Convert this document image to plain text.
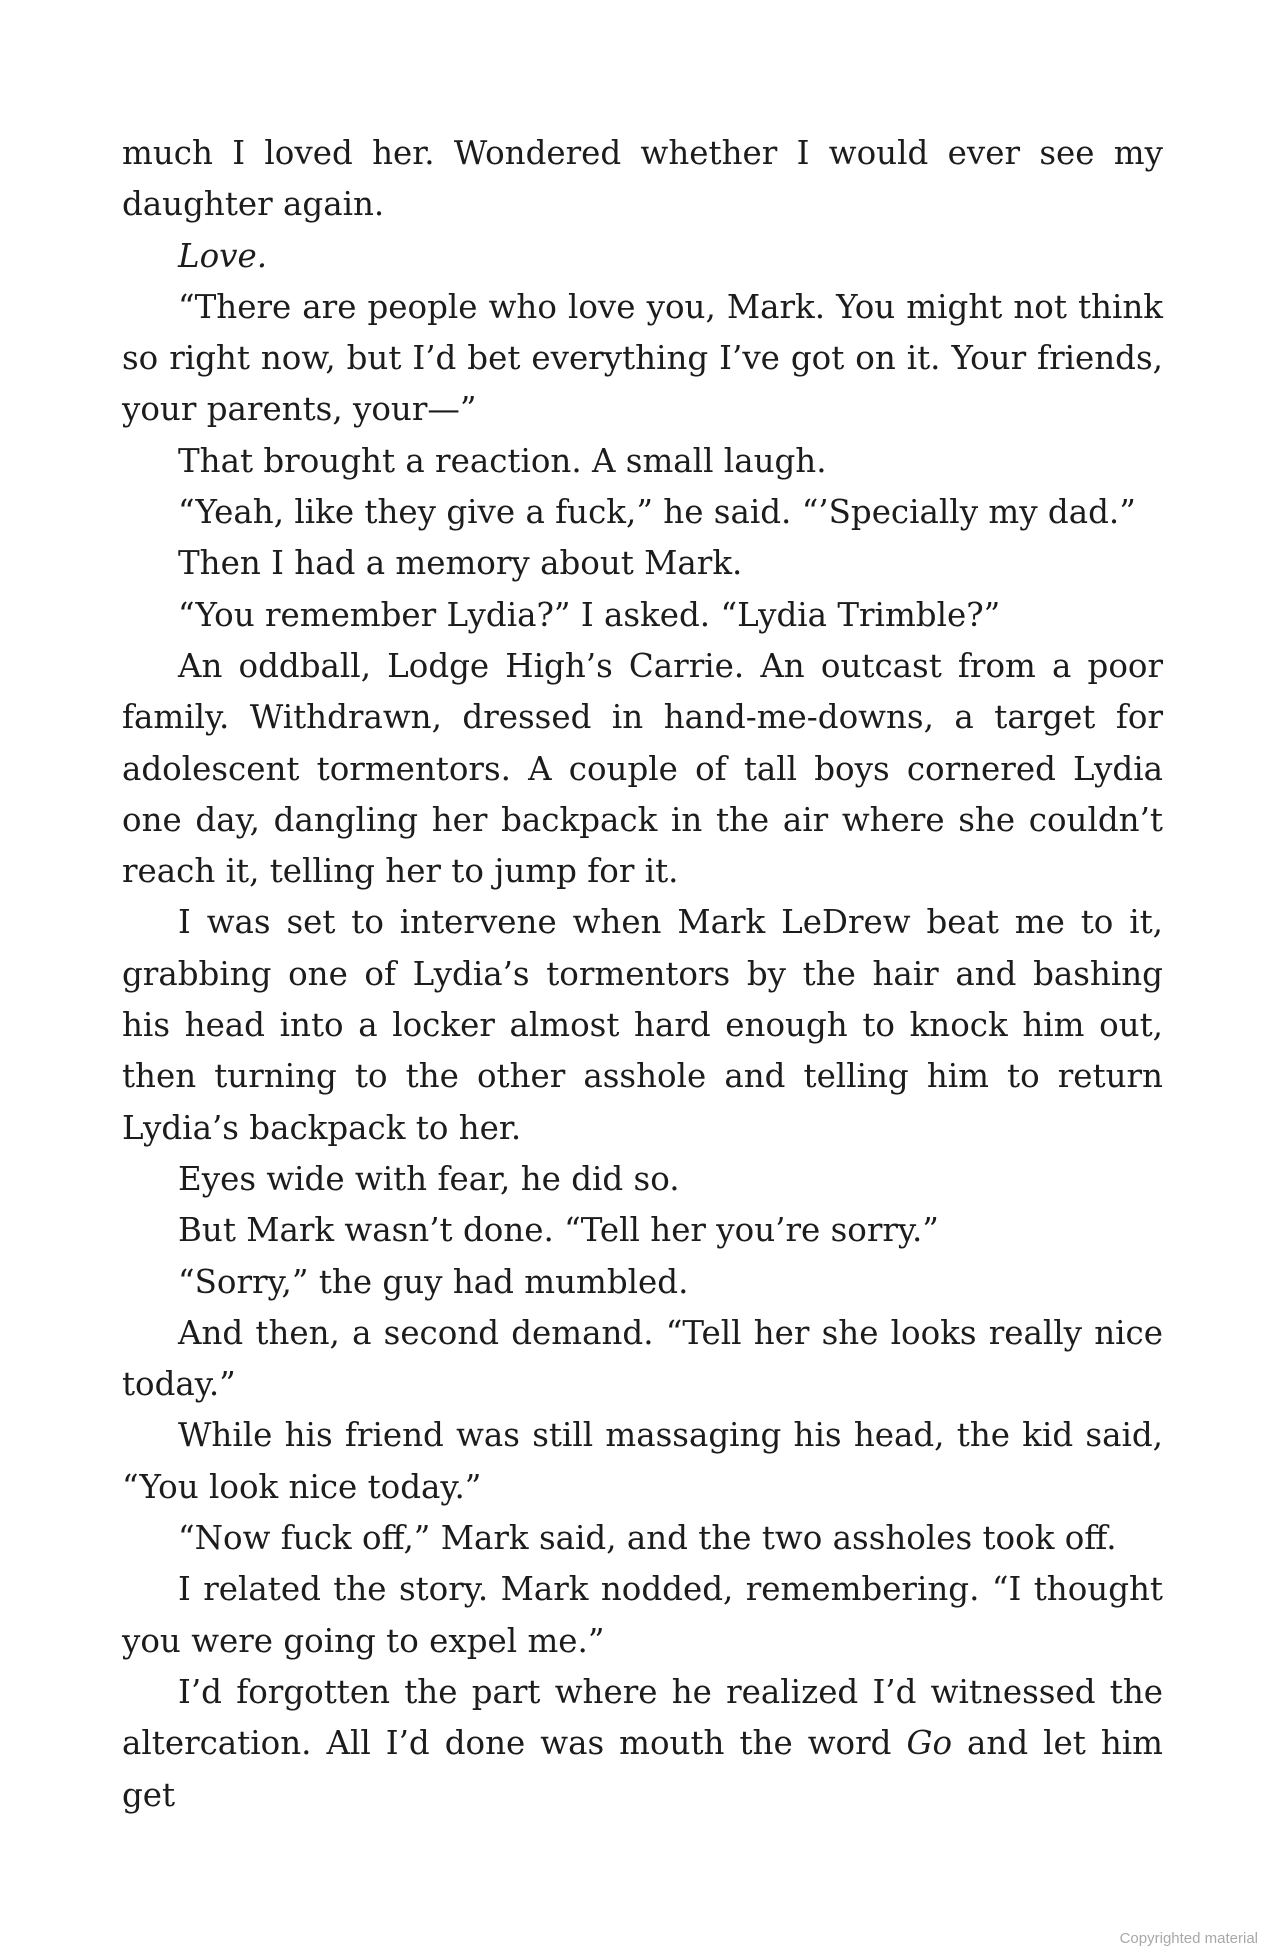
much I loved her. Wondered whether I would ever see my daughter again.

Love.

“There are people who love you, Mark. You might not think so right now, but I’d bet everything I’ve got on it. Your friends, your parents, your—”

That brought a reaction. A small laugh.

“Yeah, like they give a fuck,” he said. “’Specially my dad.”

Then I had a memory about Mark.

“You remember Lydia?” I asked. “Lydia Trimble?”

An oddball, Lodge High’s Carrie. An outcast from a poor family. Withdrawn, dressed in hand-me-downs, a target for adolescent tormentors. A couple of tall boys cornered Lydia one day, dangling her backpack in the air where she couldn’t reach it, telling her to jump for it.

I was set to intervene when Mark LeDrew beat me to it, grabbing one of Lydia’s tormentors by the hair and bashing his head into a locker almost hard enough to knock him out, then turning to the other asshole and telling him to return Lydia’s backpack to her.

Eyes wide with fear, he did so.

But Mark wasn’t done. “Tell her you’re sorry.”

“Sorry,” the guy had mumbled.

And then, a second demand. “Tell her she looks really nice today.”

While his friend was still massaging his head, the kid said, “You look nice today.”

“Now fuck off,” Mark said, and the two assholes took off.

I related the story. Mark nodded, remembering. “I thought you were going to expel me.”

I’d forgotten the part where he realized I’d witnessed the altercation. All I’d done was mouth the word Go and let him get

Copyrighted material
